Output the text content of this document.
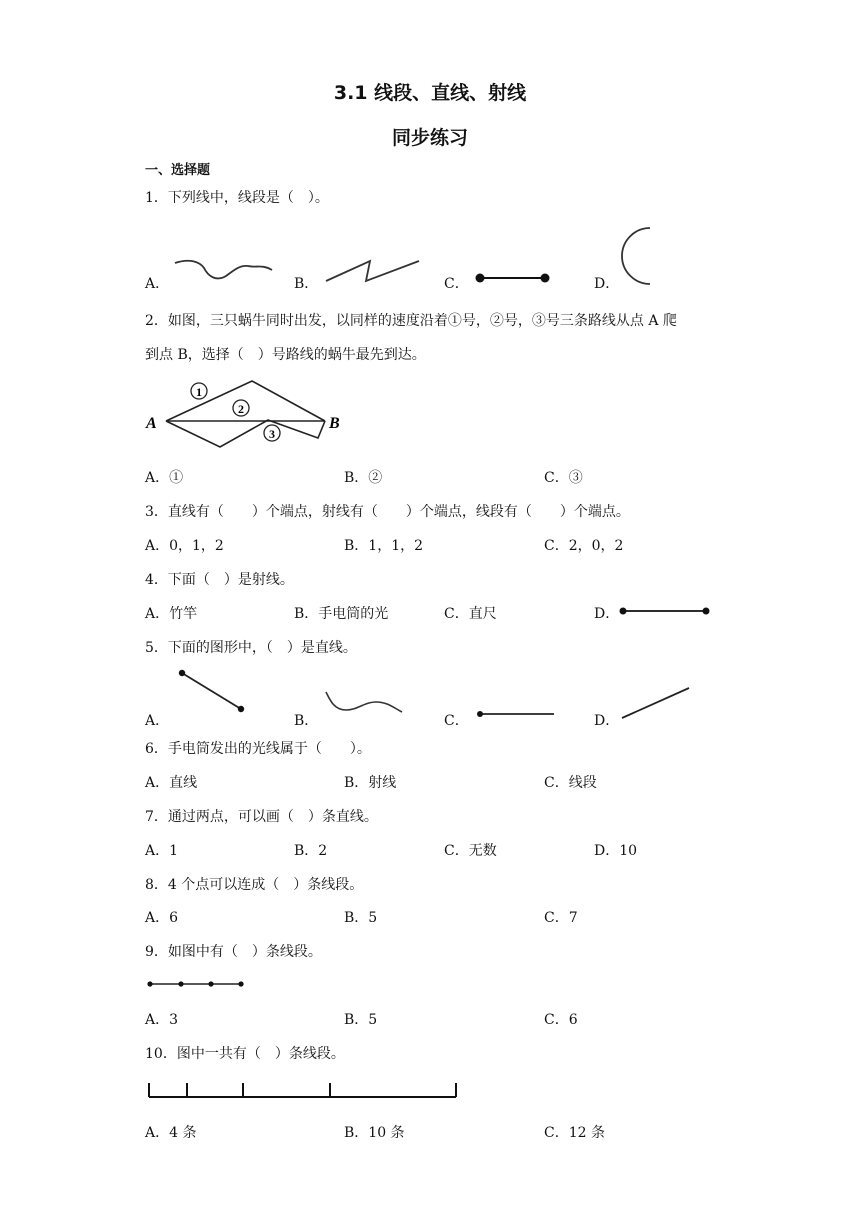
3.1 线段、直线、射线
同步练习
一、选择题
1．下列线中，线段是（　）。
A．	B．	C．	D．
2．如图，三只蜗牛同时出发，以同样的速度沿着①号，②号，③号三条路线从点 A 爬
到点 B，选择（　）号路线的蜗牛最先到达。
1
2
3
A	B
A．①	B．②	C．③
3．直线有（　　）个端点，射线有（　　）个端点，线段有（　　）个端点。
A．0，1，2	B．1，1，2	C．2，0，2
4．下面（　）是射线。
A．竹竿	B．手电筒的光	C．直尺	D．
5．下面的图形中，（　）是直线。
A．	B．	C．	D．
6．手电筒发出的光线属于（　　）。
A．直线	B．射线	C．线段
7．通过两点，可以画（　）条直线。
A．1	B．2	C．无数	D．10
8．4 个点可以连成（　）条线段。
A．6	B．5	C．7
9．如图中有（　）条线段。
A．3	B．5	C．6
10．图中一共有（　）条线段。
A．4 条	B．10 条	C．12 条
